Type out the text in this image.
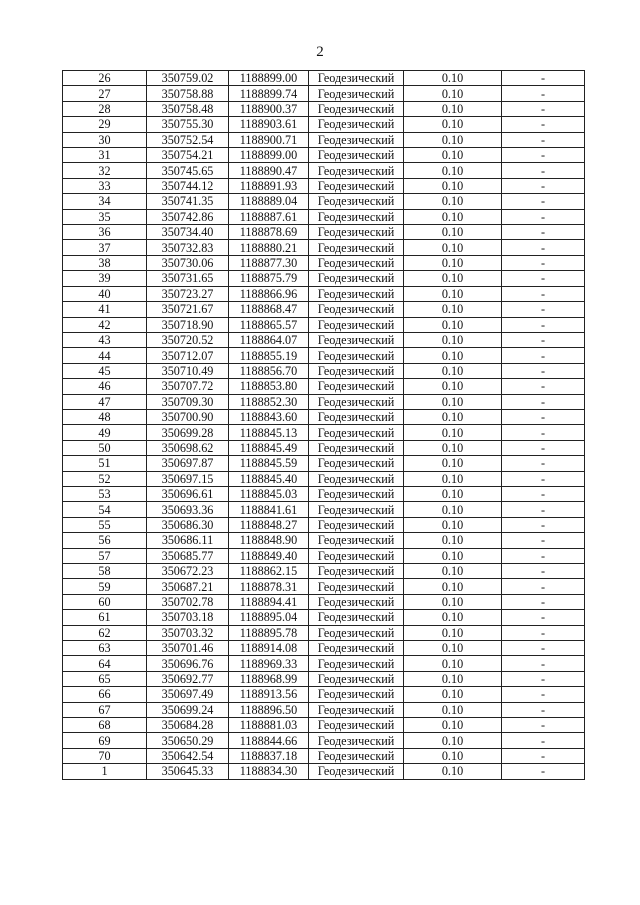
2
26	350759.02	1188899.00	Геодезический	0.10	-
27	350758.88	1188899.74	Геодезический	0.10	-
28	350758.48	1188900.37	Геодезический	0.10	-
29	350755.30	1188903.61	Геодезический	0.10	-
30	350752.54	1188900.71	Геодезический	0.10	-
31	350754.21	1188899.00	Геодезический	0.10	-
32	350745.65	1188890.47	Геодезический	0.10	-
33	350744.12	1188891.93	Геодезический	0.10	-
34	350741.35	1188889.04	Геодезический	0.10	-
35	350742.86	1188887.61	Геодезический	0.10	-
36	350734.40	1188878.69	Геодезический	0.10	-
37	350732.83	1188880.21	Геодезический	0.10	-
38	350730.06	1188877.30	Геодезический	0.10	-
39	350731.65	1188875.79	Геодезический	0.10	-
40	350723.27	1188866.96	Геодезический	0.10	-
41	350721.67	1188868.47	Геодезический	0.10	-
42	350718.90	1188865.57	Геодезический	0.10	-
43	350720.52	1188864.07	Геодезический	0.10	-
44	350712.07	1188855.19	Геодезический	0.10	-
45	350710.49	1188856.70	Геодезический	0.10	-
46	350707.72	1188853.80	Геодезический	0.10	-
47	350709.30	1188852.30	Геодезический	0.10	-
48	350700.90	1188843.60	Геодезический	0.10	-
49	350699.28	1188845.13	Геодезический	0.10	-
50	350698.62	1188845.49	Геодезический	0.10	-
51	350697.87	1188845.59	Геодезический	0.10	-
52	350697.15	1188845.40	Геодезический	0.10	-
53	350696.61	1188845.03	Геодезический	0.10	-
54	350693.36	1188841.61	Геодезический	0.10	-
55	350686.30	1188848.27	Геодезический	0.10	-
56	350686.11	1188848.90	Геодезический	0.10	-
57	350685.77	1188849.40	Геодезический	0.10	-
58	350672.23	1188862.15	Геодезический	0.10	-
59	350687.21	1188878.31	Геодезический	0.10	-
60	350702.78	1188894.41	Геодезический	0.10	-
61	350703.18	1188895.04	Геодезический	0.10	-
62	350703.32	1188895.78	Геодезический	0.10	-
63	350701.46	1188914.08	Геодезический	0.10	-
64	350696.76	1188969.33	Геодезический	0.10	-
65	350692.77	1188968.99	Геодезический	0.10	-
66	350697.49	1188913.56	Геодезический	0.10	-
67	350699.24	1188896.50	Геодезический	0.10	-
68	350684.28	1188881.03	Геодезический	0.10	-
69	350650.29	1188844.66	Геодезический	0.10	-
70	350642.54	1188837.18	Геодезический	0.10	-
1	350645.33	1188834.30	Геодезический	0.10	-
